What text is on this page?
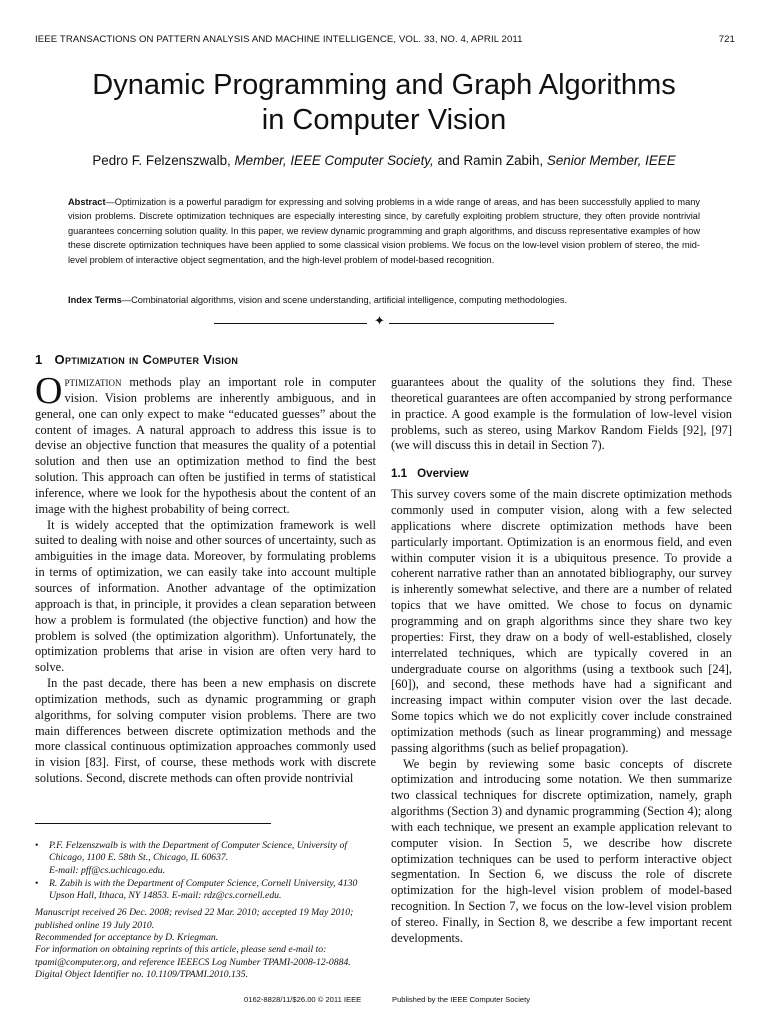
IEEE TRANSACTIONS ON PATTERN ANALYSIS AND MACHINE INTELLIGENCE, VOL. 33, NO. 4, APRIL 2011	721
Dynamic Programming and Graph Algorithms
in Computer Vision
Pedro F. Felzenszwalb, Member, IEEE Computer Society, and Ramin Zabih, Senior Member, IEEE
Abstract—Optimization is a powerful paradigm for expressing and solving problems in a wide range of areas, and has been successfully applied to many vision problems. Discrete optimization techniques are especially interesting since, by carefully exploiting problem structure, they often provide nontrivial guarantees concerning solution quality. In this paper, we review dynamic programming and graph algorithms, and discuss representative examples of how these discrete optimization techniques have been applied to some classical vision problems. We focus on the low-level vision problem of stereo, the mid-level problem of interactive object segmentation, and the high-level problem of model-based recognition.
Index Terms—Combinatorial algorithms, vision and scene understanding, artificial intelligence, computing methodologies.
✦
1 Optimization in Computer Vision

Optimization methods play an important role in computer vision. Vision problems are inherently ambiguous, and in general, one can only expect to make “educated guesses” about the content of images. A natural approach to address this issue is to devise an objective function that measures the quality of a potential solution and then use an optimization method to find the best solution. This approach can often be justified in terms of statistical inference, where we look for the hypothesis about the content of an image with the highest probability of being correct.

It is widely accepted that the optimization framework is well suited to dealing with noise and other sources of uncertainty, such as ambiguities in the image data. Moreover, by formulating problems in terms of optimization, we can easily take into account multiple sources of information. Another advantage of the optimization approach is that, in principle, it provides a clean separation between how a problem is formulated (the objective function) and how the problem is solved (the optimization algorithm). Unfortunately, the optimization problems that arise in vision are often very hard to solve.

In the past decade, there has been a new emphasis on discrete optimization methods, such as dynamic programming or graph algorithms, for solving computer vision problems. There are two main differences between discrete optimization methods and the more classical continuous optimization approaches commonly used in vision [83]. First, of course, these methods work with discrete solutions. Second, discrete methods can often provide nontrivial

guarantees about the quality of the solutions they find. These theoretical guarantees are often accompanied by strong performance in practice. A good example is the formulation of low-level vision problems, such as stereo, using Markov Random Fields [92], [97] (we will discuss this in detail in Section 7).

1.1 Overview

This survey covers some of the main discrete optimization methods commonly used in computer vision, along with a few selected applications where discrete optimization methods have been particularly important. Optimization is an enormous field, and even within computer vision it is a ubiquitous presence. To provide a coherent narrative rather than an annotated bibliography, our survey is inherently somewhat selective, and there are a number of related topics that we have omitted. We chose to focus on dynamic programming and on graph algorithms since they share two key properties: First, they draw on a body of well-established, closely interrelated techniques, which are typically covered in an undergraduate course on algorithms (using a textbook such [24], [60]), and second, these methods have had a significant and increasing impact within computer vision over the last decade. Some topics which we do not explicitly cover include constrained optimization methods (such as linear programming) and message passing algorithms (such as belief propagation).

We begin by reviewing some basic concepts of discrete optimization and introducing some notation. We then summarize two classical techniques for discrete optimization, namely, graph algorithms (Section 3) and dynamic programming (Section 4); along with each technique, we present an example application relevant to computer vision. In Section 5, we describe how discrete optimization techniques can be used to perform interactive object segmentation. In Section 6, we discuss the role of discrete optimization for the high-level vision problem of model-based recognition. In Section 7, we focus on the low-level vision problem of stereo. Finally, in Section 8, we describe a few important recent developments.

• P.F. Felzenszwalb is with the Department of Computer Science, University of Chicago, 1100 E. 58th St., Chicago, IL 60637.
E-mail: pff@cs.uchicago.edu.
• R. Zabih is with the Department of Computer Science, Cornell University, 4130 Upson Hall, Ithaca, NY 14853. E-mail: rdz@cs.cornell.edu.

Manuscript received 26 Dec. 2008; revised 22 Mar. 2010; accepted 19 May 2010; published online 19 July 2010.

Recommended for acceptance by D. Kriegman.

For information on obtaining reprints of this article, please send e-mail to: tpami@computer.org, and reference IEEECS Log Number TPAMI-2008-12-0884.

Digital Object Identifier no. 10.1109/TPAMI.2010.135.

0162-8828/11/$26.00 © 2011 IEEE	Published by the IEEE Computer Society
